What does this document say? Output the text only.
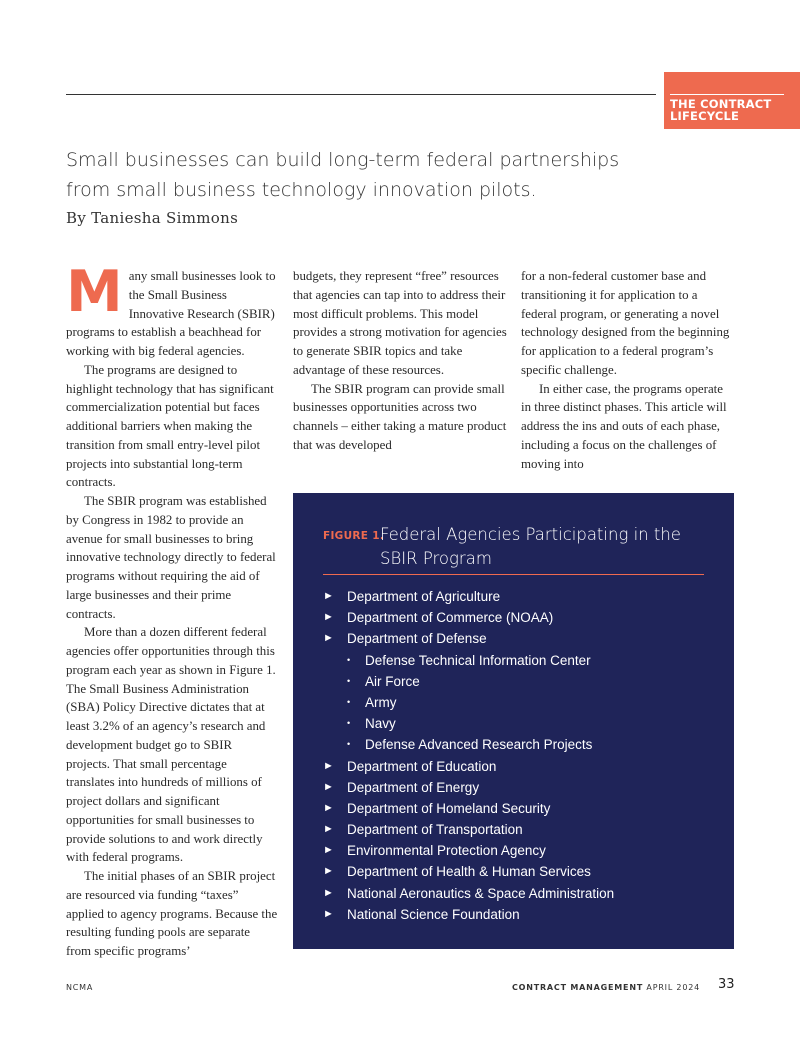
THE CONTRACT LIFECYCLE
Small businesses can build long-term federal partnerships
from small business technology innovation pilots.
By Taniesha Simmons
M any small businesses look to the Small Business Innovative Research (SBIR) programs to establish a beachhead for working with big federal agencies.

The programs are designed to highlight technology that has significant commercialization potential but faces additional barriers when making the transition from small entry-level pilot projects into substantial long-term contracts.

The SBIR program was established by Congress in 1982 to provide an avenue for small businesses to bring innovative technology directly to federal programs without requiring the aid of large businesses and their prime contracts.

More than a dozen different federal agencies offer opportunities through this program each year as shown in Figure 1. The Small Business Administration (SBA) Policy Directive dictates that at least 3.2% of an agency’s research and development budget go to SBIR projects. That small percentage translates into hundreds of millions of project dollars and significant opportunities for small businesses to provide solutions to and work directly with federal programs.

The initial phases of an SBIR project are resourced via funding “taxes” applied to agency programs. Because the resulting funding pools are separate from specific programs’

budgets, they represent “free” resources that agencies can tap into to address their most difficult problems. This model provides a strong motivation for agencies to generate SBIR topics and take advantage of these resources.

The SBIR program can provide small businesses opportunities across two channels – either taking a mature product that was developed

for a non-federal customer base and transitioning it for application to a federal program, or generating a novel technology designed from the beginning for application to a federal program’s specific challenge.

In either case, the programs operate in three distinct phases. This article will address the ins and outs of each phase, including a focus on the challenges of moving into

FIGURE 1.
Federal Agencies Participating in the
SBIR Program
► Department of Agriculture
► Department of Commerce (NOAA)
► Department of Defense
• Defense Technical Information Center
• Air Force
• Army
• Navy
• Defense Advanced Research Projects
► Department of Education
► Department of Energy
► Department of Homeland Security
► Department of Transportation
► Environmental Protection Agency
► Department of Health & Human Services
► National Aeronautics & Space Administration
► National Science Foundation
NCMA	CONTRACT MANAGEMENT APRIL 2024 33
